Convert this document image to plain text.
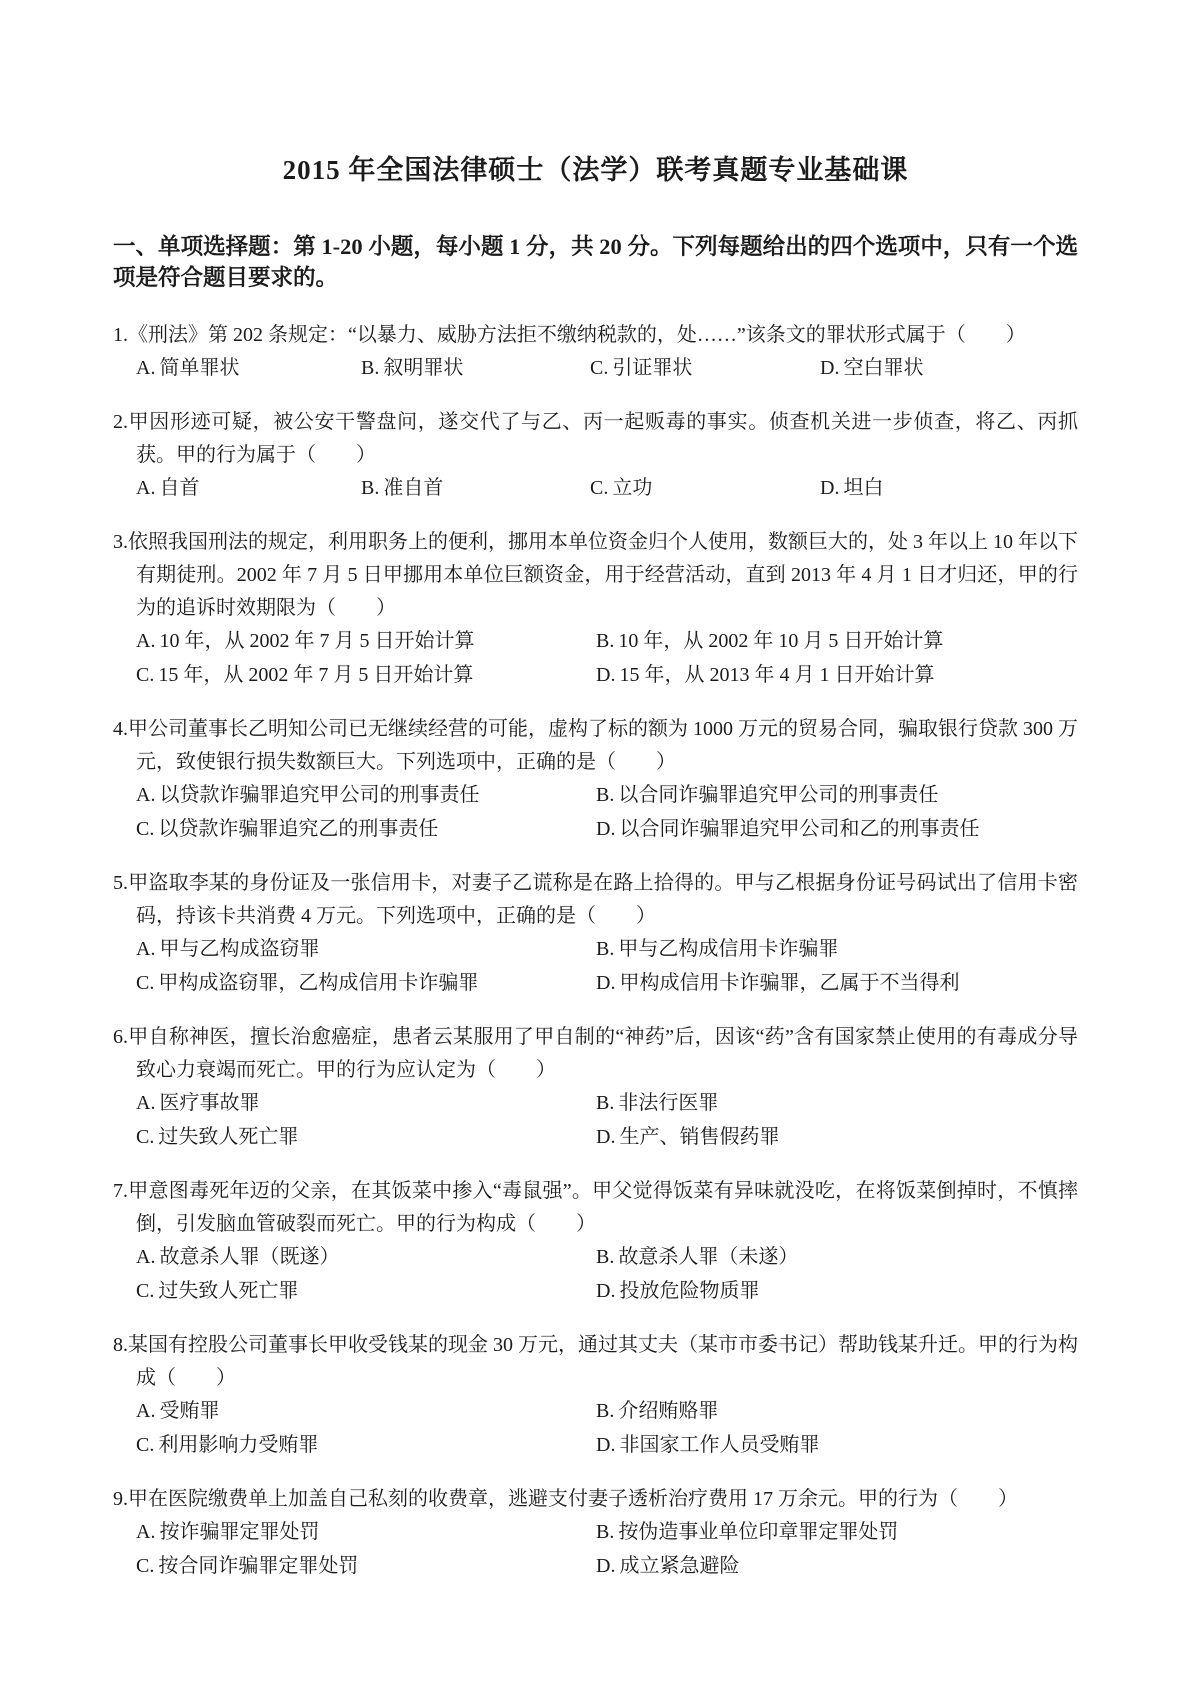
2015 年全国法律硕士（法学）联考真题专业基础课
一、单项选择题：第 1-20 小题，每小题 1 分，共 20 分。下列每题给出的四个选项中，只有一个选项是符合题目要求的。

1.《刑法》第 202 条规定：“以暴力、威胁方法拒不缴纳税款的，处……”该条文的罪状形式属于（　　）

A. 简单罪状	B. 叙明罪状	C. 引证罪状	D. 空白罪状

2.甲因形迹可疑，被公安干警盘问，遂交代了与乙、丙一起贩毒的事实。侦查机关进一步侦查，将乙、丙抓获。甲的行为属于（　　）

A. 自首	B. 准自首	C. 立功	D. 坦白

3.依照我国刑法的规定，利用职务上的便利，挪用本单位资金归个人使用，数额巨大的，处 3 年以上 10 年以下有期徒刑。2002 年 7 月 5 日甲挪用本单位巨额资金，用于经营活动，直到 2013 年 4 月 1 日才归还，甲的行为的追诉时效期限为（　　）

A. 10 年，从 2002 年 7 月 5 日开始计算	B. 10 年，从 2002 年 10 月 5 日开始计算
C. 15 年，从 2002 年 7 月 5 日开始计算	D. 15 年，从 2013 年 4 月 1 日开始计算

4.甲公司董事长乙明知公司已无继续经营的可能，虚构了标的额为 1000 万元的贸易合同，骗取银行贷款 300 万元，致使银行损失数额巨大。下列选项中，正确的是（　　）

A. 以贷款诈骗罪追究甲公司的刑事责任	B. 以合同诈骗罪追究甲公司的刑事责任
C. 以贷款诈骗罪追究乙的刑事责任	D. 以合同诈骗罪追究甲公司和乙的刑事责任

5.甲盗取李某的身份证及一张信用卡，对妻子乙谎称是在路上拾得的。甲与乙根据身份证号码试出了信用卡密码，持该卡共消费 4 万元。下列选项中，正确的是（　　）

A. 甲与乙构成盗窃罪	B. 甲与乙构成信用卡诈骗罪
C. 甲构成盗窃罪，乙构成信用卡诈骗罪	D. 甲构成信用卡诈骗罪，乙属于不当得利

6.甲自称神医，擅长治愈癌症，患者云某服用了甲自制的“神药”后，因该“药”含有国家禁止使用的有毒成分导致心力衰竭而死亡。甲的行为应认定为（　　）

A. 医疗事故罪	B. 非法行医罪
C. 过失致人死亡罪	D. 生产、销售假药罪

7.甲意图毒死年迈的父亲，在其饭菜中掺入“毒鼠强”。甲父觉得饭菜有异味就没吃，在将饭菜倒掉时，不慎摔倒，引发脑血管破裂而死亡。甲的行为构成（　　）

A. 故意杀人罪（既遂）	B. 故意杀人罪（未遂）
C. 过失致人死亡罪	D. 投放危险物质罪

8.某国有控股公司董事长甲收受钱某的现金 30 万元，通过其丈夫（某市市委书记）帮助钱某升迁。甲的行为构成（　　）

A. 受贿罪	B. 介绍贿赂罪
C. 利用影响力受贿罪	D. 非国家工作人员受贿罪

9.甲在医院缴费单上加盖自己私刻的收费章，逃避支付妻子透析治疗费用 17 万余元。甲的行为（　　）

A. 按诈骗罪定罪处罚	B. 按伪造事业单位印章罪定罪处罚
C. 按合同诈骗罪定罪处罚	D. 成立紧急避险
